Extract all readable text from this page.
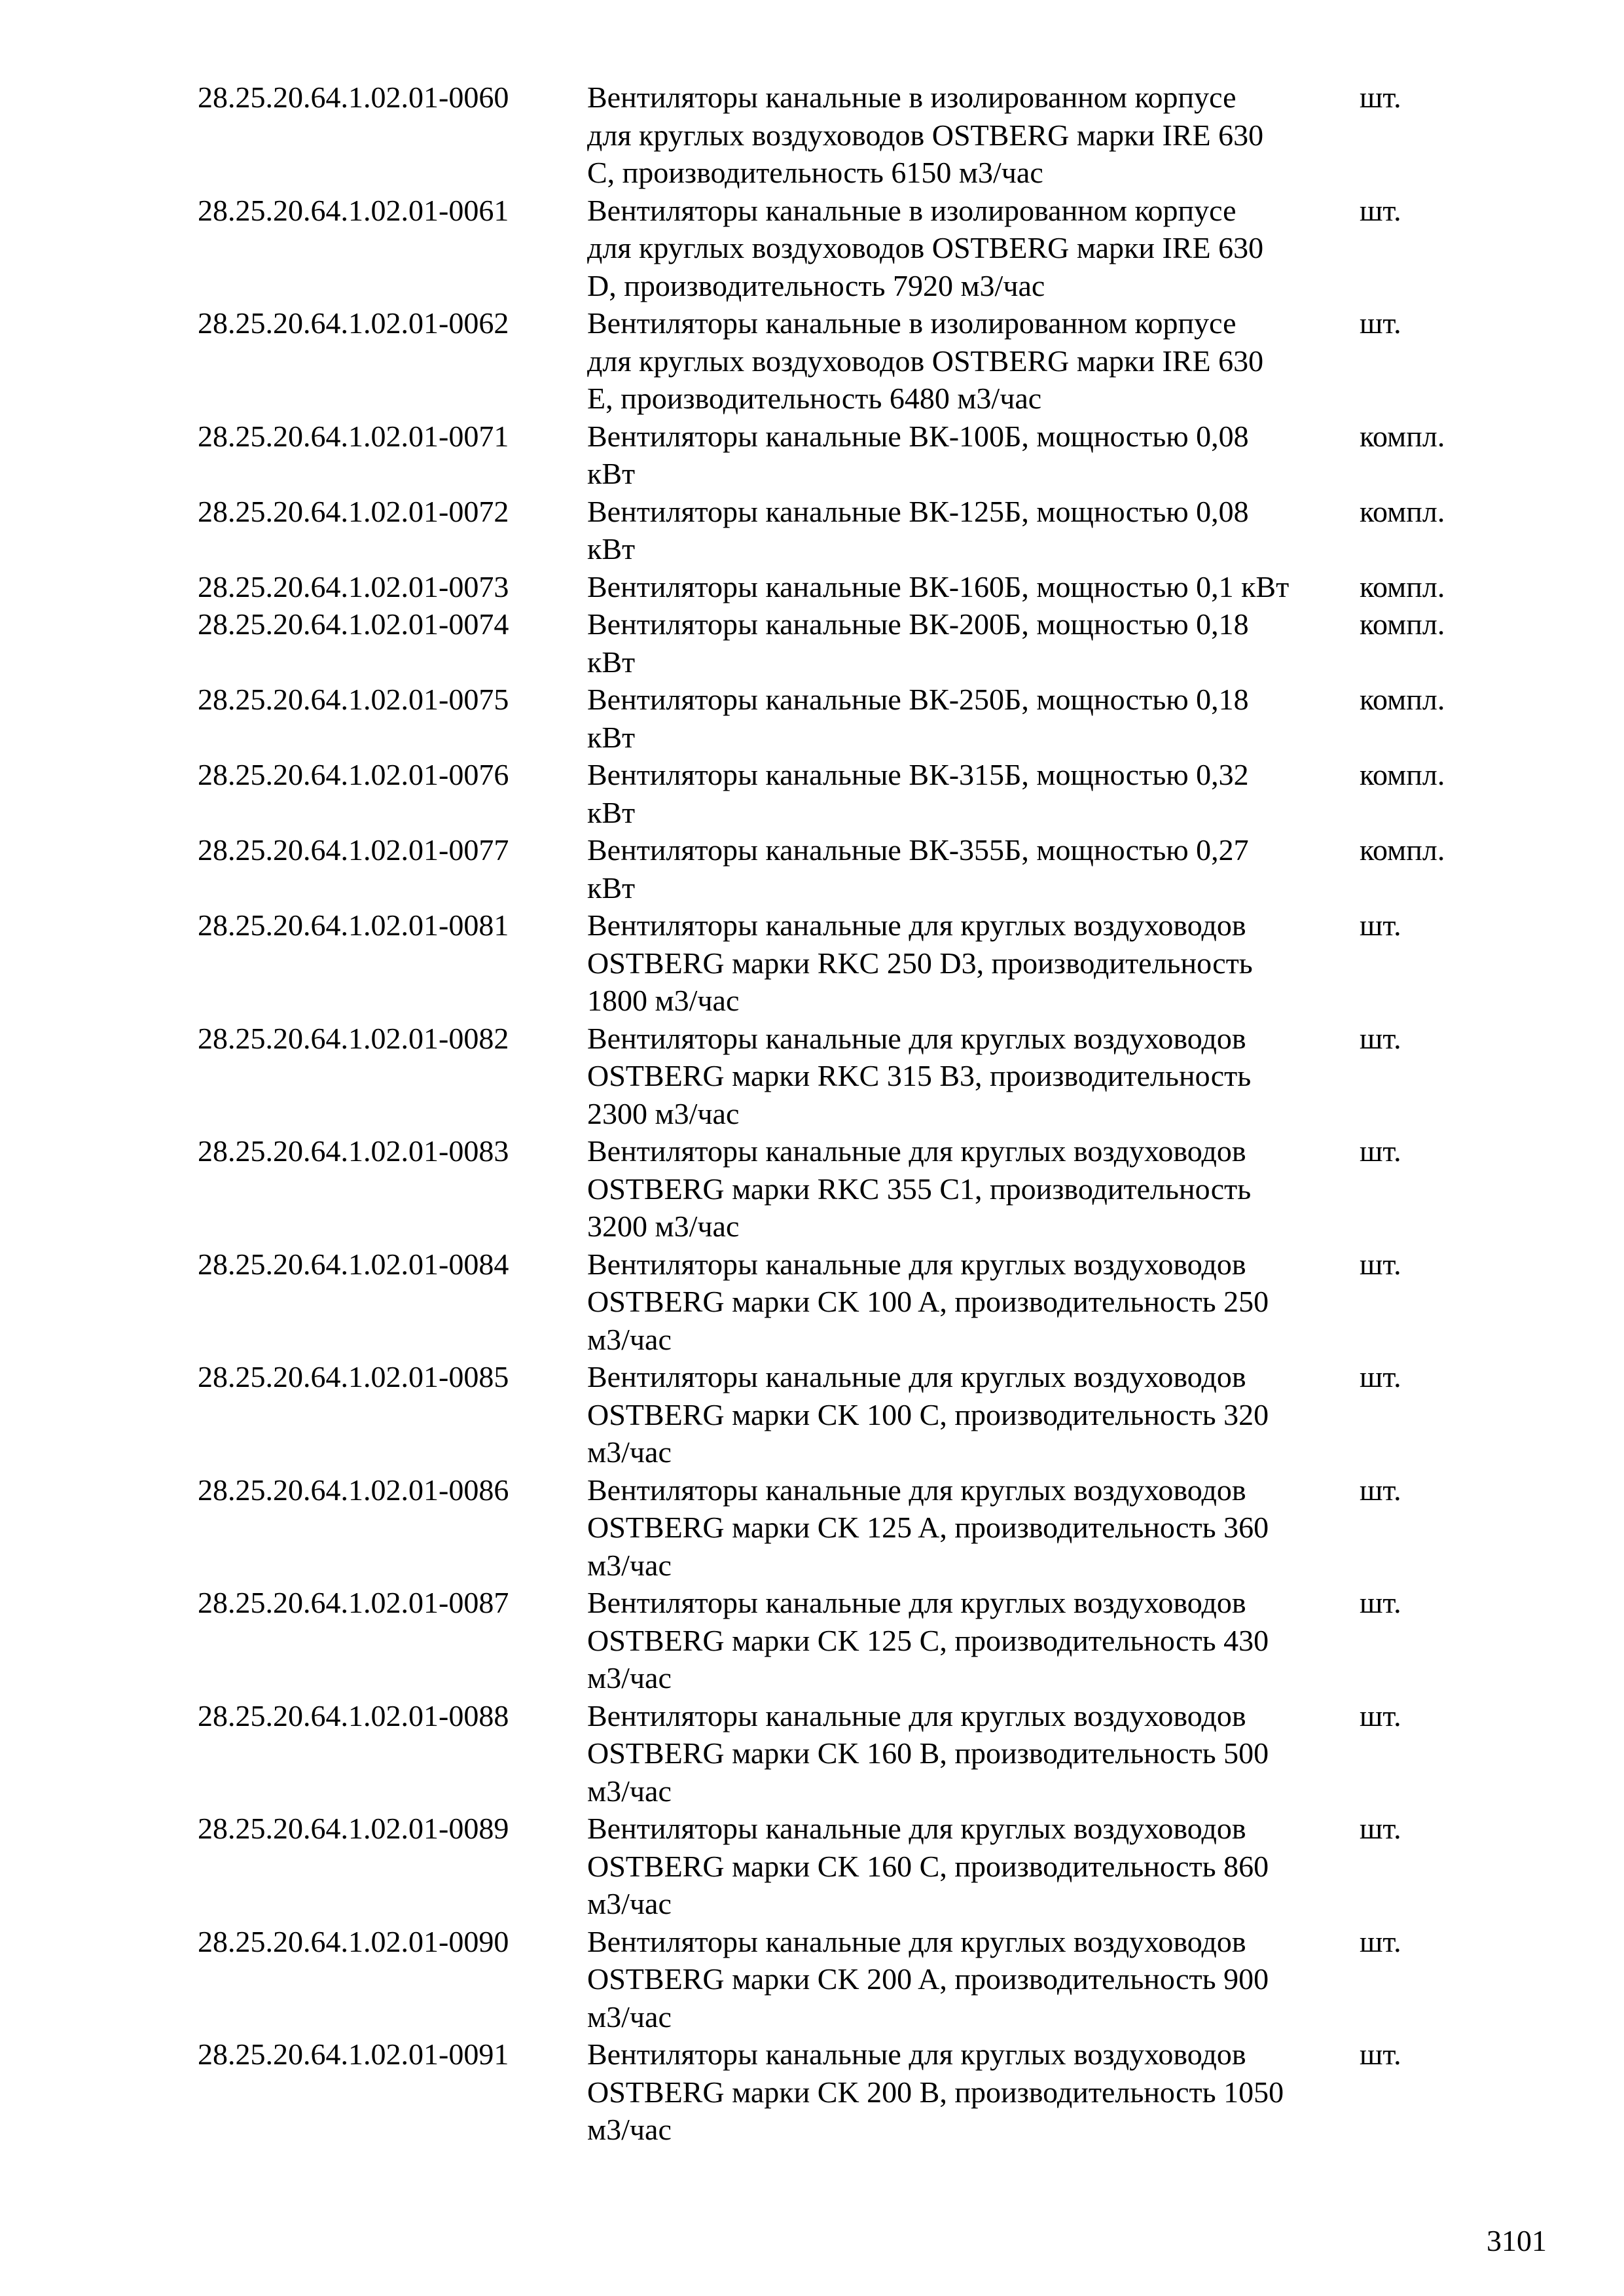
28.25.20.64.1.02.01-0060	Вентиляторы канальные в изолированном корпусе
для круглых воздуховодов OSTBERG марки IRE 630
C, производительность 6150 м3/час
шт.
28.25.20.64.1.02.01-0061	Вентиляторы канальные в изолированном корпусе
для круглых воздуховодов OSTBERG марки IRE 630
D, производительность 7920 м3/час
шт.
28.25.20.64.1.02.01-0062	Вентиляторы канальные в изолированном корпусе
для круглых воздуховодов OSTBERG марки IRE 630
E, производительность 6480 м3/час
шт.
28.25.20.64.1.02.01-0071	Вентиляторы канальные ВК-100Б, мощностью 0,08
кВт
компл.
28.25.20.64.1.02.01-0072	Вентиляторы канальные ВК-125Б, мощностью 0,08
кВт
компл.
28.25.20.64.1.02.01-0073	Вентиляторы канальные ВК-160Б, мощностью 0,1 кВт	компл.
28.25.20.64.1.02.01-0074	Вентиляторы канальные ВК-200Б, мощностью 0,18
кВт
компл.
28.25.20.64.1.02.01-0075	Вентиляторы канальные ВК-250Б, мощностью 0,18
кВт
компл.
28.25.20.64.1.02.01-0076	Вентиляторы канальные ВК-315Б, мощностью 0,32
кВт
компл.
28.25.20.64.1.02.01-0077	Вентиляторы канальные ВК-355Б, мощностью 0,27
кВт
компл.
28.25.20.64.1.02.01-0081	Вентиляторы канальные для круглых воздуховодов
OSTBERG марки RKC 250 D3, производительность
1800 м3/час
шт.
28.25.20.64.1.02.01-0082	Вентиляторы канальные для круглых воздуховодов
OSTBERG марки RKC 315 B3, производительность
2300 м3/час
шт.
28.25.20.64.1.02.01-0083	Вентиляторы канальные для круглых воздуховодов
OSTBERG марки RKC 355 C1, производительность
3200 м3/час
шт.
28.25.20.64.1.02.01-0084	Вентиляторы канальные для круглых воздуховодов
OSTBERG марки CK 100 A, производительность 250
м3/час
шт.
28.25.20.64.1.02.01-0085	Вентиляторы канальные для круглых воздуховодов
OSTBERG марки CK 100 C, производительность 320
м3/час
шт.
28.25.20.64.1.02.01-0086	Вентиляторы канальные для круглых воздуховодов
OSTBERG марки CK 125 A, производительность 360
м3/час
шт.
28.25.20.64.1.02.01-0087	Вентиляторы канальные для круглых воздуховодов
OSTBERG марки CK 125 C, производительность 430
м3/час
шт.
28.25.20.64.1.02.01-0088	Вентиляторы канальные для круглых воздуховодов
OSTBERG марки CK 160 B, производительность 500
м3/час
шт.
28.25.20.64.1.02.01-0089	Вентиляторы канальные для круглых воздуховодов
OSTBERG марки CK 160 C, производительность 860
м3/час
шт.
28.25.20.64.1.02.01-0090	Вентиляторы канальные для круглых воздуховодов
OSTBERG марки CK 200 A, производительность 900
м3/час
шт.
28.25.20.64.1.02.01-0091	Вентиляторы канальные для круглых воздуховодов
OSTBERG марки CK 200 B, производительность 1050
м3/час
шт.
3101
